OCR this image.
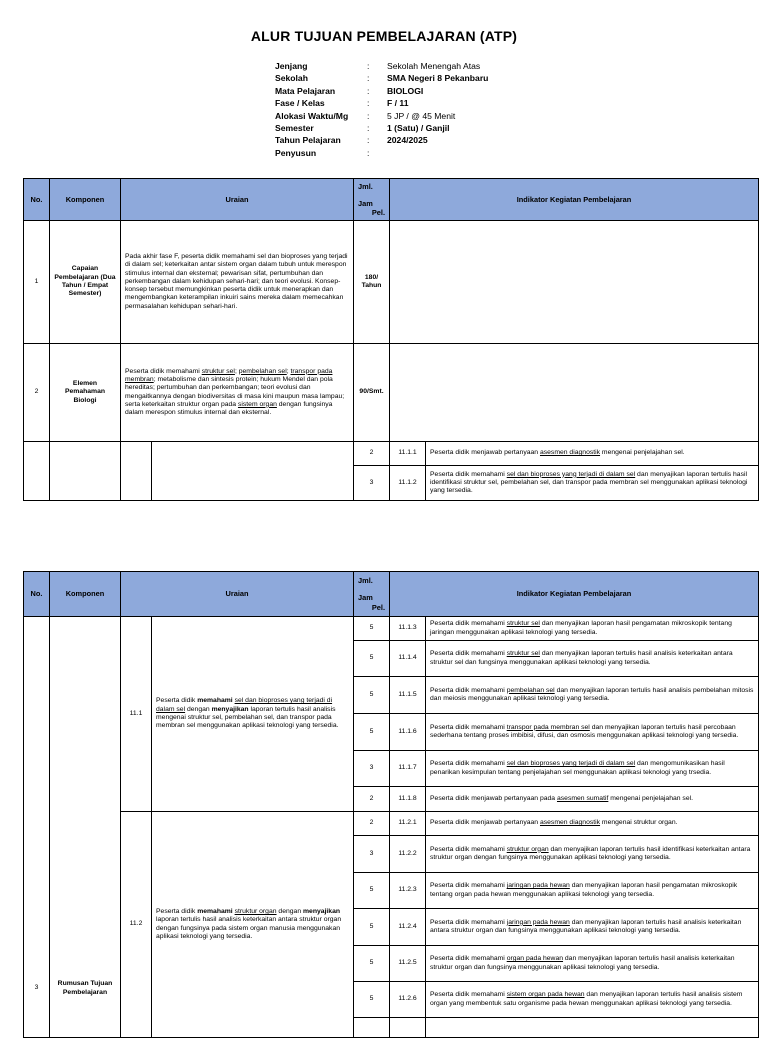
ALUR TUJUAN PEMBELAJARAN (ATP)
Jenjang	:	Sekolah Menengah Atas
Sekolah	:	SMA Negeri 8 Pekanbaru
Mata Pelajaran	:	BIOLOGI
Fase / Kelas	:	F / 11
Alokasi Waktu/Mg	:	5 JP / @ 45 Menit
Semester	:	1 (Satu) / Ganjil
Tahun Pelajaran	:	2024/2025
Penyusun	:
No.	Komponen	Uraian		Jml.
Jam
Pel.	Indikator Kegiatan Pembelajaran	
1	Capaian Pembelajaran (Dua Tahun / Empat Semester)	Pada akhir fase F, peserta didik memahami sel dan bioproses yang terjadi di dalam sel; keterkaitan antar sistem organ dalam tubuh untuk merespon stimulus internal dan eksternal; pewarisan sifat, pertumbuhan dan perkembangan dalam kehidupan sehari-hari; dan teori evolusi. Konsep-konsep tersebut memungkinkan peserta didik untuk menerapkan dan mengembangkan keterampilan inkuiri sains mereka dalam memecahkan permasalahan kehidupan sehari-hari.		180/ Tahun		
2	Elemen Pemahaman Biologi	Peserta didik memahami struktur sel; pembelahan sel; transpor pada membran; metabolisme dan sintesis protein; hukum Mendel dan pola hereditas; pertumbuhan dan perkembangan; teori evolusi dan mengaitkannya dengan biodiversitas di masa kini maupun masa lampau; serta keterkaitan struktur organ pada sistem organ dengan fungsinya dalam merespon stimulus internal dan eksternal.		90/Smt.		
				2	11.1.1	Peserta didik menjawab pertanyaan asesmen diagnostik mengenai penjelajahan sel.
				3	11.1.2	Peserta didik memahami sel dan bioproses yang terjadi di dalam sel dan menyajikan laporan tertulis hasil identifikasi struktur sel, pembelahan sel, dan transpor pada membran sel menggunakan aplikasi teknologi yang tersedia.
No.	Komponen	Uraian		Jml.
Jam
Pel.	Indikator Kegiatan Pembelajaran	
3	Rumusan Tujuan Pembelajaran	11.1	Peserta didik memahami sel dan bioproses yang terjadi di dalam sel dengan menyajikan laporan tertulis hasil analisis mengenai struktur sel, pembelahan sel, dan transpor pada membran sel menggunakan aplikasi teknologi yang tersedia.	5	11.1.3	Peserta didik memahami struktur sel dan menyajikan laporan hasil pengamatan mikroskopik tentang jaringan menggunakan aplikasi teknologi yang tersedia.
				5	11.1.4	Peserta didik memahami struktur sel dan menyajikan laporan tertulis hasil analisis keterkaitan antara struktur sel dan fungsinya menggunakan aplikasi teknologi yang tersedia.
				5	11.1.5	Peserta didik memahami pembelahan sel dan menyajikan laporan tertulis hasil analisis pembelahan mitosis dan meiosis menggunakan aplikasi teknologi yang tersedia.
				5	11.1.6	Peserta didik memahami transpor pada membran sel dan menyajikan laporan tertulis hasil percobaan sederhana tentang proses imbibisi, difusi, dan osmosis menggunakan aplikasi teknologi yang tersedia.
				3	11.1.7	Peserta didik memahami sel dan bioproses yang terjadi di dalam sel dan mengomunikasikan hasil penarikan kesimpulan tentang penjelajahan sel menggunakan aplikasi teknologi yang trsedia.
				2	11.1.8	Peserta didik menjawab pertanyaan pada asesmen sumatif mengenai penjelajahan sel.
		11.2	Peserta didik memahami struktur organ dengan menyajikan laporan tertulis hasil analisis keterkaitan antara struktur organ dengan fungsinya pada sistem organ manusia menggunakan aplikasi teknologi yang tersedia.	2	11.2.1	Peserta didik menjawab pertanyaan asesmen diagnostik mengenai struktur organ.
				3	11.2.2	Peserta didik memahami struktur organ dan menyajikan laporan tertulis hasil identifikasi keterkaitan antara struktur organ dengan fungsinya menggunakan aplikasi teknologi yang tersedia.
				5	11.2.3	Peserta didik memahami jaringan pada hewan dan menyajikan laporan hasil pengamatan mikroskopik tentang organ pada hewan menggunakan aplikasi teknologi yang tersedia.
				5	11.2.4	Peserta didik memahami jaringan pada hewan dan menyajikan laporan tertulis hasil analisis keterkaitan antara struktur organ dan fungsinya menggunakan aplikasi teknologi yang tersedia.
				5	11.2.5	Peserta didik memahami organ pada hewan dan menyajikan laporan tertulis hasil analisis keterkaitan struktur organ dan fungsinya menggunakan aplikasi teknologi yang tersedia.
				5	11.2.6	Peserta didik memahami sistem organ pada hewan dan menyajikan laporan tertulis hasil analisis sistem organ yang membentuk satu organisme pada hewan menggunakan aplikasi teknologi yang tersedia.
